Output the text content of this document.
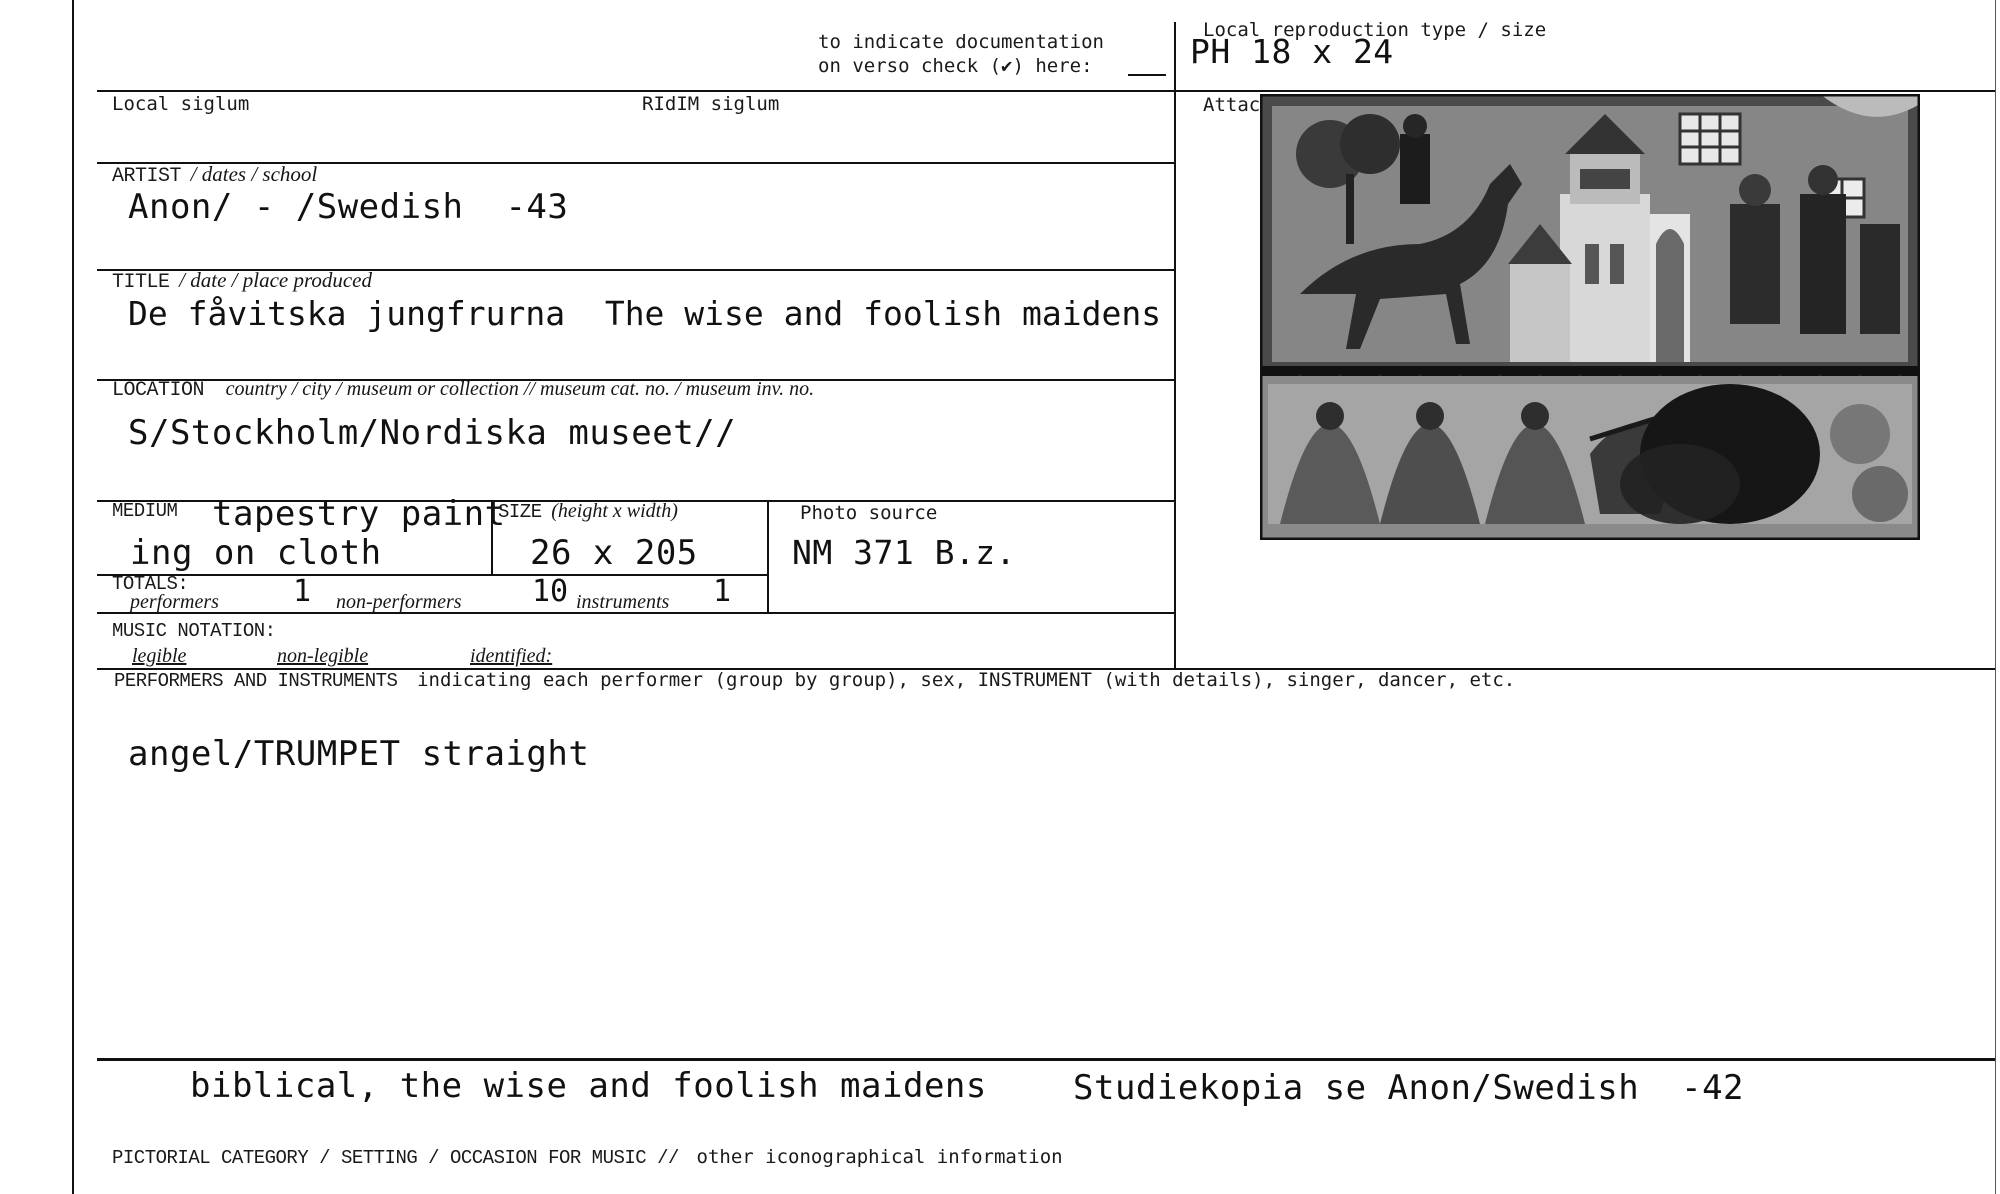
to indicate documentation
on verso check (✔) here:
Local reproduction type / size
PH 18 x 24
Local siglum	RIdIM siglum	Attac
ARTIST / dates / school
Anon/ - /Swedish  -43
TITLE / date / place produced
De fåvitska jungfrurna  The wise and foolish maidens
LOCATION country / city / museum or collection // museum cat. no. / museum inv. no.
S/Stockholm/Nordiska museet//
MEDIUM tapestry paint
ing on cloth
SIZE (height x width)
26 x 205
Photo source
NM 371 B.z.
TOTALS:
performers 1 non-performers 10 instruments 1
MUSIC NOTATION:
legible	non-legible	identified:
PERFORMERS AND INSTRUMENTS indicating each performer (group by group), sex, INSTRUMENT (with details), singer, dancer, etc.
angel/TRUMPET straight
biblical, the wise and foolish maidens	Studiekopia se Anon/Swedish  -42
PICTORIAL CATEGORY / SETTING / OCCASION FOR MUSIC // other iconographical information
